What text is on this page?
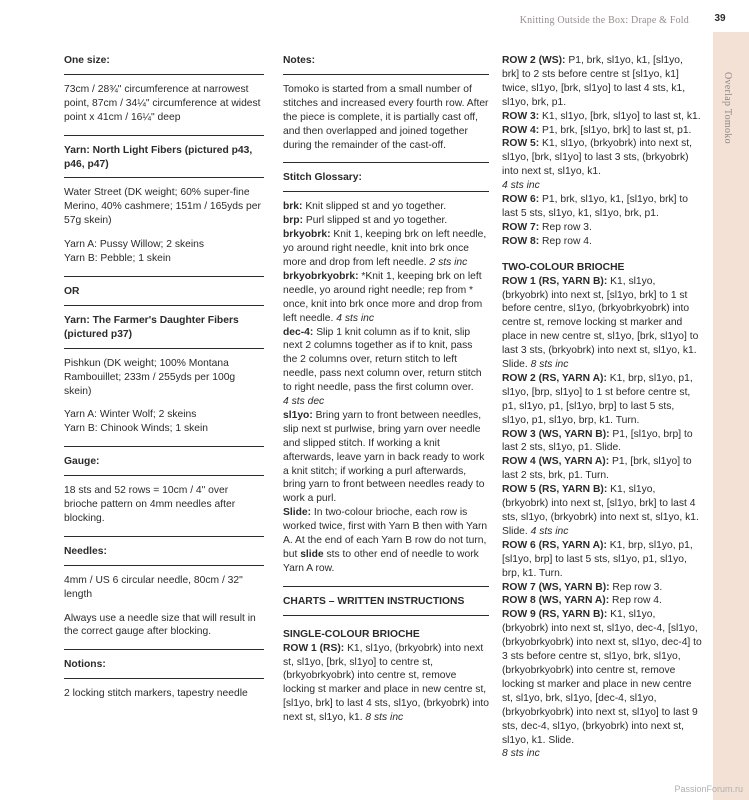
Knitting Outside the Box: Drape & Fold	39
Overlap Tomoko
One size:
73cm / 28¾" circumference at narrowest point, 87cm / 34¼" circumference at widest point x 41cm / 16¼" deep
Yarn: North Light Fibers (pictured p43, p46, p47)
Water Street (DK weight; 60% super-fine Merino, 40% cashmere; 151m / 165yds per 57g skein)
Yarn A: Pussy Willow; 2 skeins
Yarn B: Pebble; 1 skein
OR
Yarn: The Farmer's Daughter Fibers (pictured p37)
Pishkun (DK weight; 100% Montana Rambouillet; 233m / 255yds per 100g skein)
Yarn A: Winter Wolf; 2 skeins
Yarn B: Chinook Winds; 1 skein
Gauge:
18 sts and 52 rows = 10cm / 4" over brioche pattern on 4mm needles after blocking.
Needles:
4mm / US 6 circular needle, 80cm / 32" length
Always use a needle size that will result in the correct gauge after blocking.
Notions:
2 locking stitch markers, tapestry needle
Notes:
Tomoko is started from a small number of stitches and increased every fourth row. After the piece is complete, it is partially cast off, and then overlapped and joined together during the remainder of the cast-off.
Stitch Glossary:
brk: Knit slipped st and yo together.
brp: Purl slipped st and yo together.
brkyobrk: Knit 1, keeping brk on left needle, yo around right needle, knit into brk once more and drop from left needle. 2 sts inc
brkyobrkyobrk: *Knit 1, keeping brk on left needle, yo around right needle; rep from * once, knit into brk once more and drop from left needle. 4 sts inc
dec-4: Slip 1 knit column as if to knit, slip next 2 columns together as if to knit, pass the 2 columns over, return stitch to left needle, pass next column over, return stitch to right needle, pass the first column over.
4 sts dec
sl1yo: Bring yarn to front between needles, slip next st purlwise, bring yarn over needle and slipped stitch. If working a knit afterwards, leave yarn in back ready to work a knit stitch; if working a purl afterwards, bring yarn to front between needles ready to work a purl.
Slide: In two-colour brioche, each row is worked twice, first with Yarn B then with Yarn A. At the end of each Yarn B row do not turn, but slide sts to other end of needle to work Yarn A row.
CHARTS – WRITTEN INSTRUCTIONS
SINGLE-COLOUR BRIOCHE
ROW 1 (RS): K1, sl1yo, (brkyobrk) into next st, sl1yo, [brk, sl1yo] to centre st, (brkyobrkyobrk) into centre st, remove locking st marker and place in new centre st, [sl1yo, brk] to last 4 sts, sl1yo, (brkyobrk) into next st, sl1yo, k1. 8 sts inc
ROW 2 (WS): P1, brk, sl1yo, k1, [sl1yo, brk] to 2 sts before centre st [sl1yo, k1] twice, sl1yo, [brk, sl1yo] to last 4 sts, k1, sl1yo, brk, p1.
ROW 3: K1, sl1yo, [brk, sl1yo] to last st, k1.
ROW 4: P1, brk, [sl1yo, brk] to last st, p1.
ROW 5: K1, sl1yo, (brkyobrk) into next st, sl1yo, [brk, sl1yo] to last 3 sts, (brkyobrk) into next st, sl1yo, k1.
4 sts inc
ROW 6: P1, brk, sl1yo, k1, [sl1yo, brk] to last 5 sts, sl1yo, k1, sl1yo, brk, p1.
ROW 7: Rep row 3.
ROW 8: Rep row 4.
TWO-COLOUR BRIOCHE
ROW 1 (RS, YARN B): K1, sl1yo, (brkyobrk) into next st, [sl1yo, brk] to 1 st before centre, sl1yo, (brkyobrkyobrk) into centre st, remove locking st marker and place in new centre st, sl1yo, [brk, sl1yo] to last 3 sts, (brkyobrk) into next st, sl1yo, k1. Slide. 8 sts inc
ROW 2 (RS, YARN A): K1, brp, sl1yo, p1, sl1yo, [brp, sl1yo] to 1 st before centre st, p1, sl1yo, p1, [sl1yo, brp] to last 5 sts, sl1yo, p1, sl1yo, brp, k1. Turn.
ROW 3 (WS, YARN B): P1, [sl1yo, brp] to last 2 sts, sl1yo, p1. Slide.
ROW 4 (WS, YARN A): P1, [brk, sl1yo] to last 2 sts, brk, p1. Turn.
ROW 5 (RS, YARN B): K1, sl1yo, (brkyobrk) into next st, [sl1yo, brk] to last 4 sts, sl1yo, (brkyobrk) into next st, sl1yo, k1. Slide. 4 sts inc
ROW 6 (RS, YARN A): K1, brp, sl1yo, p1, [sl1yo, brp] to last 5 sts, sl1yo, p1, sl1yo, brp, k1. Turn.
ROW 7 (WS, YARN B): Rep row 3.
ROW 8 (WS, YARN A): Rep row 4.
ROW 9 (RS, YARN B): K1, sl1yo, (brkyobrk) into next st, sl1yo, dec-4, [sl1yo, (brkyobrkyobrk) into next st, sl1yo, dec-4] to 3 sts before centre st, sl1yo, brk, sl1yo, (brkyobrkyobrk) into centre st, remove locking st marker and place in new centre st, sl1yo, brk, sl1yo, [dec-4, sl1yo, (brkyobrkyobrk) into next st, sl1yo] to last 9 sts, dec-4, sl1yo, (brkyobrk) into next st, sl1yo, k1. Slide.
8 sts inc
PassionForum.ru
